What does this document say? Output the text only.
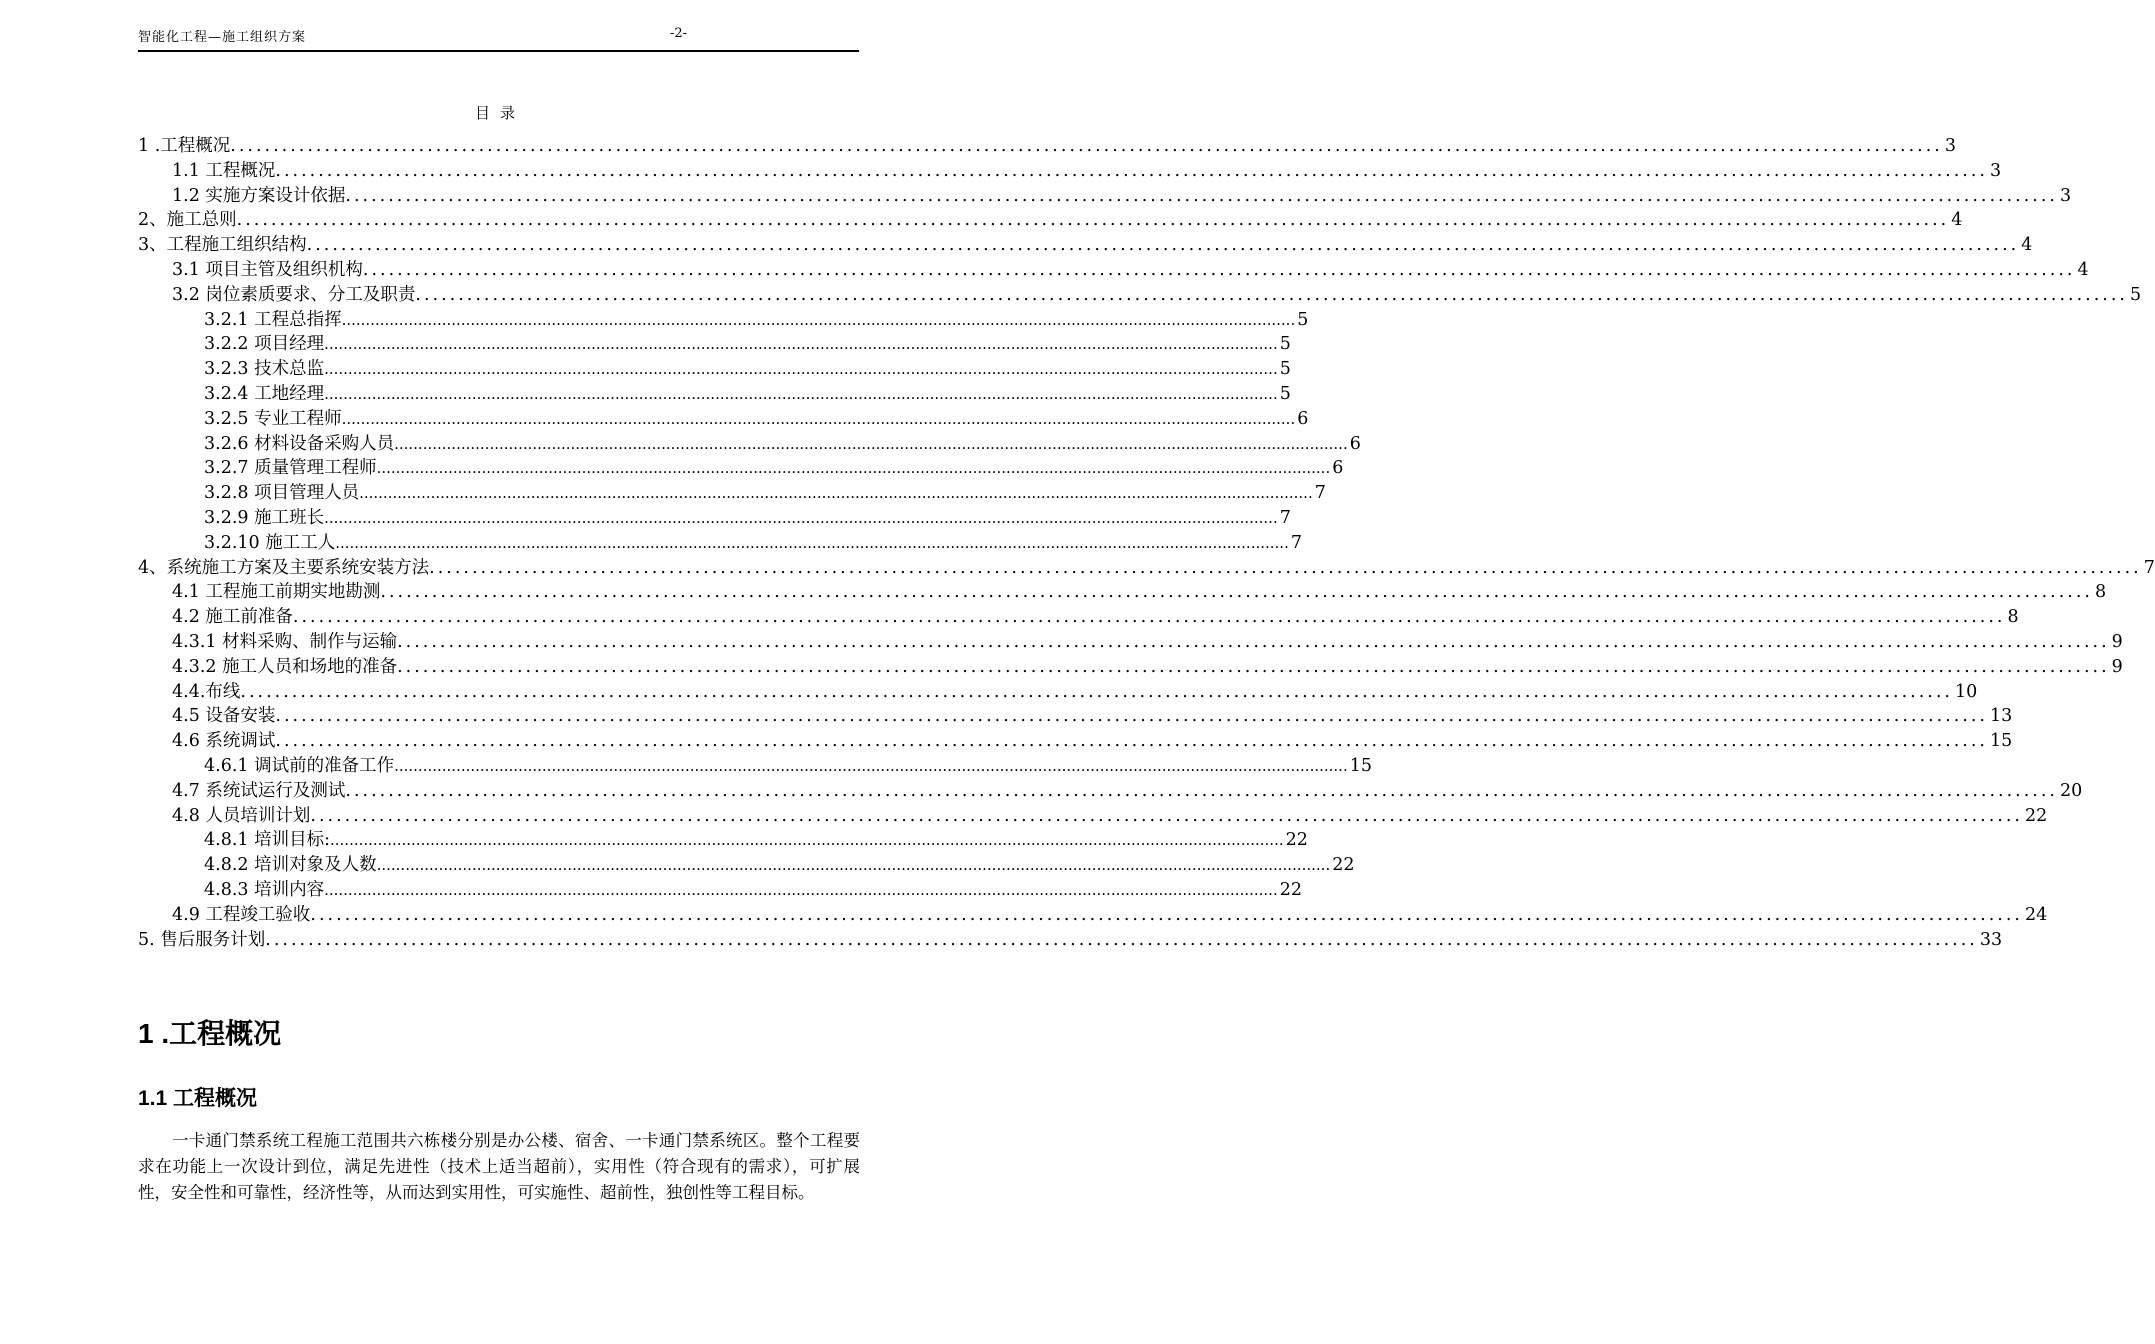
智能化工程—施工组织方案	-2-
目录
1 .工程概况 ........................................................................................................................................................................................................ 3
1.1 工程概况 ........................................................................................................................................................................................................ 3
1.2 实施方案设计依据 ........................................................................................................................................................................................................ 3
2、施工总则 ........................................................................................................................................................................................................ 4
3、工程施工组织结构 ........................................................................................................................................................................................................ 4
3.1 项目主管及组织机构 ........................................................................................................................................................................................................ 4
3.2 岗位素质要求、分工及职责 ........................................................................................................................................................................................................ 5
3.2.1 工程总指挥 ........................................................................................................................................................................................................ 5
3.2.2 项目经理 ........................................................................................................................................................................................................ 5
3.2.3 技术总监 ........................................................................................................................................................................................................ 5
3.2.4 工地经理 ........................................................................................................................................................................................................ 5
3.2.5 专业工程师 ........................................................................................................................................................................................................ 6
3.2.6 材料设备采购人员 ........................................................................................................................................................................................................ 6
3.2.7 质量管理工程师 ........................................................................................................................................................................................................ 6
3.2.8 项目管理人员 ........................................................................................................................................................................................................ 7
3.2.9 施工班长 ........................................................................................................................................................................................................ 7
3.2.10 施工工人 ........................................................................................................................................................................................................ 7
4、系统施工方案及主要系统安装方法 ........................................................................................................................................................................................................ 7
4.1 工程施工前期实地勘测 ........................................................................................................................................................................................................ 8
4.2 施工前准备 ........................................................................................................................................................................................................ 8
4.3.1 材料采购、制作与运输 ........................................................................................................................................................................................................ 9
4.3.2 施工人员和场地的准备 ........................................................................................................................................................................................................ 9
4.4.布线 ........................................................................................................................................................................................................ 10
4.5 设备安装 ........................................................................................................................................................................................................ 13
4.6 系统调试 ........................................................................................................................................................................................................ 15
4.6.1 调试前的准备工作 ........................................................................................................................................................................................................ 15
4.7 系统试运行及测试 ........................................................................................................................................................................................................ 20
4.8 人员培训计划 ........................................................................................................................................................................................................ 22
4.8.1 培训目标: ........................................................................................................................................................................................................ 22
4.8.2 培训对象及人数 ........................................................................................................................................................................................................ 22
4.8.3 培训内容 ........................................................................................................................................................................................................ 22
4.9 工程竣工验收 ........................................................................................................................................................................................................ 24
5. 售后服务计划 ........................................................................................................................................................................................................ 33
1 .工程概况
1.1 工程概况
一卡通门禁系统工程施工范围共六栋楼分别是办公楼、宿舍、一卡通门禁系统区。整个工程要求在功能上一次设计到位，满足先进性（技术上适当超前），实用性（符合现有的需求），可扩展性，安全性和可靠性，经济性等，从而达到实用性，可实施性、超前性，独创性等工程目标。
